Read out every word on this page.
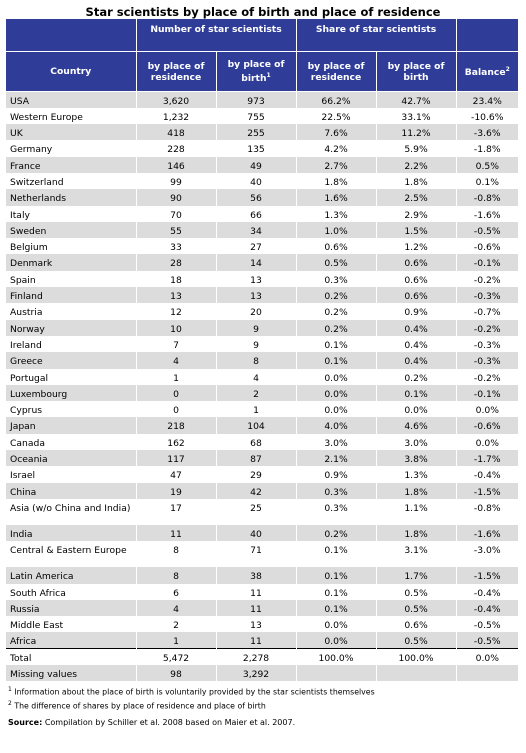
Star scientists by place of birth and place of residence
	Number of star scientists		Share of star scientists		
Country	by place of residence	by place of birth$^1$	by place of residence	by place of birth	Balance$^2$
USA	3,620	973	66.2%	42.7%	23.4%
Western Europe	1,232	755	22.5%	33.1%	-10.6%
UK	418	255	7.6%	11.2%	-3.6%
Germany	228	135	4.2%	5.9%	-1.8%
France	146	49	2.7%	2.2%	0.5%
Switzerland	99	40	1.8%	1.8%	0.1%
Netherlands	90	56	1.6%	2.5%	-0.8%
Italy	70	66	1.3%	2.9%	-1.6%
Sweden	55	34	1.0%	1.5%	-0.5%
Belgium	33	27	0.6%	1.2%	-0.6%
Denmark	28	14	0.5%	0.6%	-0.1%
Spain	18	13	0.3%	0.6%	-0.2%
Finland	13	13	0.2%	0.6%	-0.3%
Austria	12	20	0.2%	0.9%	-0.7%
Norway	10	9	0.2%	0.4%	-0.2%
Ireland	7	9	0.1%	0.4%	-0.3%
Greece	4	8	0.1%	0.4%	-0.3%
Portugal	1	4	0.0%	0.2%	-0.2%
Luxembourg	0	2	0.0%	0.1%	-0.1%
Cyprus	0	1	0.0%	0.0%	0.0%
Japan	218	104	4.0%	4.6%	-0.6%
Canada	162	68	3.0%	3.0%	0.0%
Oceania	117	87	2.1%	3.8%	-1.7%
Israel	47	29	0.9%	1.3%	-0.4%
China	19	42	0.3%	1.8%	-1.5%
Asia (w/o China and India)	17	25	0.3%	1.1%	-0.8%
India	11	40	0.2%	1.8%	-1.6%
Central & Eastern Europe	8	71	0.1%	3.1%	-3.0%
Latin America	8	38	0.1%	1.7%	-1.5%
South Africa	6	11	0.1%	0.5%	-0.4%
Russia	4	11	0.1%	0.5%	-0.4%
Middle East	2	13	0.0%	0.6%	-0.5%
Africa	1	11	0.0%	0.5%	-0.5%
Total	5,472	2,278	100.0%	100.0%	0.0%
Missing values	98	3,292			
$^1$ Information about the place of birth is voluntarily provided by the star scientists themselves
$^2$ The difference of shares by place of residence and place of birth
Source: Compilation by Schiller et al. 2008 based on Maier et al. 2007.
